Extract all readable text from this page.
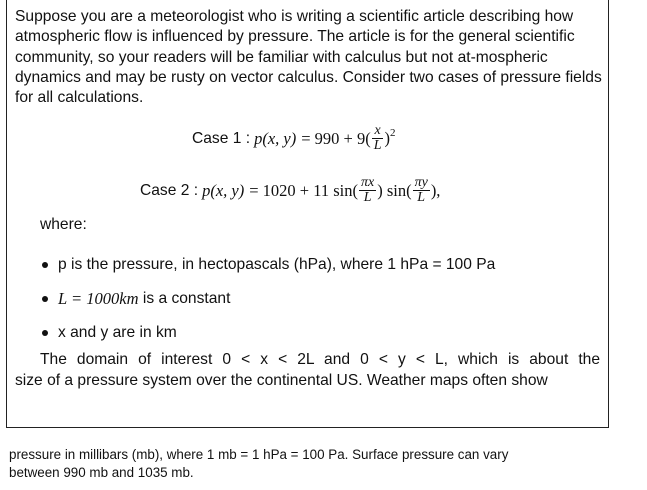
Suppose you are a meteorologist who is writing a scientific article describing how atmospheric flow is influenced by pressure. The article is for the general scientific community, so your readers will be familiar with calculus but not at-mospheric dynamics and may be rusty on vector calculus. Consider two cases of pressure fields for all calculations.

Case 1 : p(x, $y) = 990 + 9( \frac{x}{L} )^2$
Case 2 : p(x, y) = 1020 + 11 $\sin( \frac{\pi x}{L}$ ) $\sin( \frac{\pi y}{L}$ ),

where:

p is the pressure, in hectopascals (hPa), where 1 hPa = 100 Pa
L = 1000km is a constant
x and y are in km

The domain of interest 0 < x < 2L and 0 < y < L, which is about the
size of a pressure system over the continental US. Weather maps often show

pressure in millibars (mb), where 1 mb = 1 hPa = 100 Pa. Surface pressure can vary between 990 mb and 1035 mb.
